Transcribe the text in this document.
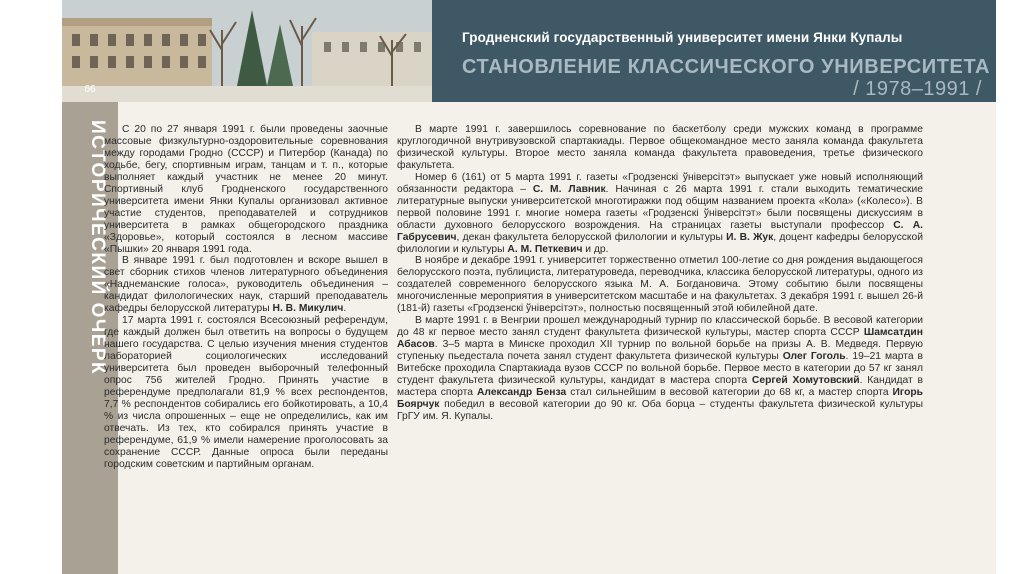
Гродненский государственный университет имени Янки Купалы
СТАНОВЛЕНИЕ КЛАССИЧЕСКОГО УНИВЕРСИТЕТА
/ 1978–1991 /
66
ИСТОРИЧЕСКИЙ ОЧЕРК	С 20 по 27 января 1991 г. были проведены заочные массовые физкультурно-оздоровительные соревнования между городами Гродно (СССР) и Питербор (Канада) по ходьбе, бегу, спортивным играм, танцам и т. п., которые выполняет каждый участник не менее 20 минут. Спортивный клуб Гродненского государственного университета имени Янки Купалы организовал активное участие студентов, преподавателей и сотрудников университета в рамках общегородского праздника «Здоровье», который состоялся в лесном массиве «Пышки» 20 января 1991 года.

В январе 1991 г. был подготовлен и вскоре вышел в свет сборник стихов членов литературного объединения «Наднеманские голоса», руководитель объединения – кандидат филологических наук, старший преподаватель кафедры белорусской литературы Н. В. Микулич.

17 марта 1991 г. состоялся Всесоюзный референдум, где каждый должен был ответить на вопросы о будущем нашего государства. С целью изучения мнения студентов лабораторией социологических исследований университета был проведен выборочный телефонный опрос 756 жителей Гродно. Принять участие в референдуме предполагали 81,9 % всех респондентов, 7,7 % респондентов собирались его бойкотировать, а 10,4 % из числа опрошенных – еще не определились, как им отвечать. Из тех, кто собирался принять участие в референдуме, 61,9 % имели намерение проголосовать за сохранение СССР. Данные опроса были переданы городским советским и партийным органам.

В марте 1991 г. завершилось соревнование по баскетболу среди мужских команд в программе круглогодичной внутривузовской спартакиады. Первое общекомандное место заняла команда факультета физической культуры. Второе место заняла команда факультета правоведения, третье физического факультета.

Номер 6 (161) от 5 марта 1991 г. газеты «Гродзенскі ўніверсітэт» выпускает уже новый исполняющий обязанности редактора – С. М. Лавник. Начиная с 26 марта 1991 г. стали выходить тематические литературные выпуски университетской многотиражки под общим названием проекта «Кола» («Колесо»). В первой половине 1991 г. многие номера газеты «Гродзенскі ўніверсітэт» были посвящены дискуссиям в области духовного белорусского возрождения. На страницах газеты выступали профессор С. А. Габрусевич, декан факультета белорусской филологии и культуры И. В. Жук, доцент кафедры белорусской филологии и культуры А. М. Петкевич и др.

В ноябре и декабре 1991 г. университет торжественно отметил 100-летие со дня рождения выдающегося белорусского поэта, публициста, литературоведа, переводчика, классика белорусской литературы, одного из создателей современного белорусского языка М. А. Богдановича. Этому событию были посвящены многочисленные мероприятия в университетском масштабе и на факультетах. 3 декабря 1991 г. вышел 26-й (181-й) газеты «Гродзенскі ўніверсітэт», полностью посвященный этой юбилейной дате.

В марте 1991 г. в Венгрии прошел международный турнир по классической борьбе. В весовой категории до 48 кг первое место занял студент факультета физической культуры, мастер спорта СССР Шамсатдин Абасов. 3–5 марта в Минске проходил XII турнир по вольной борьбе на призы А. В. Медведя. Первую ступеньку пьедестала почета занял студент факультета физической культуры Олег Гоголь. 19–21 марта в Витебске проходила Спартакиада вузов СССР по вольной борьбе. Первое место в категории до 57 кг занял студент факультета физической культуры, кандидат в мастера спорта Сергей Хомутовский. Кандидат в мастера спорта Александр Бенза стал сильнейшим в весовой категории до 68 кг, а мастер спорта Игорь Боярчук победил в весовой категории до 90 кг. Оба борца – студенты факультета физической культуры ГрГУ им. Я. Купалы.
